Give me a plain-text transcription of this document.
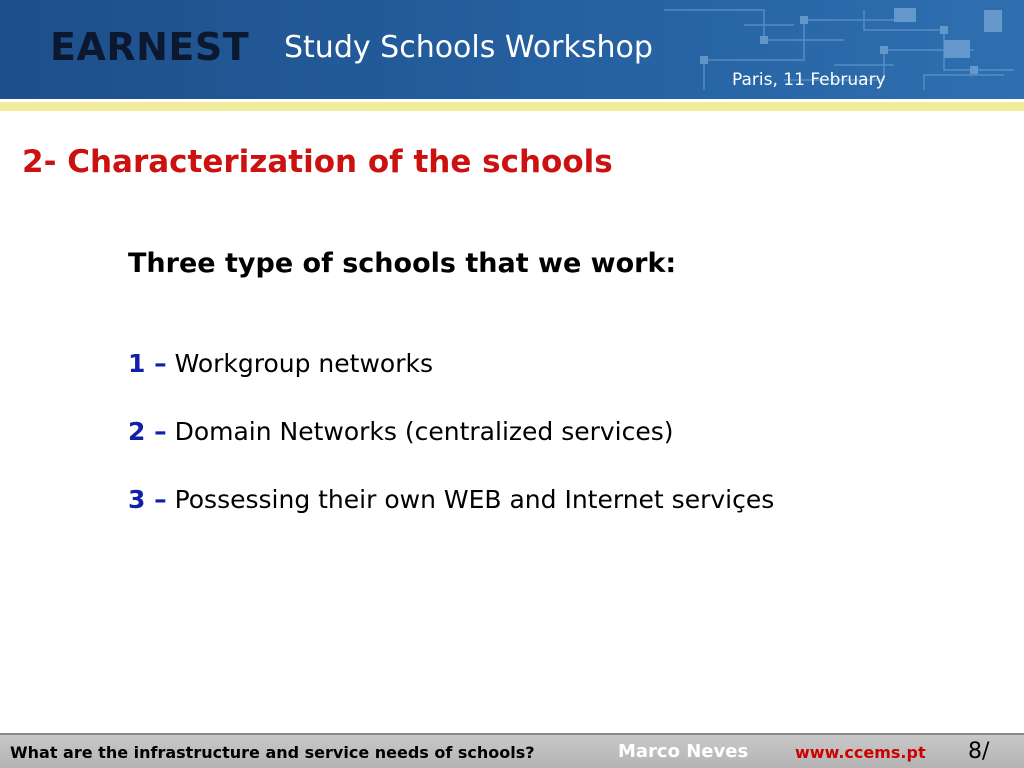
EARNEST Study Schools Workshop
Paris, 11 February
2- Characterization of the schools
Three type of schools that we work:
1 – Workgroup networks
2 – Domain Networks (centralized services)
3 – Possessing their own WEB and Internet serviçes
What are the infrastructure and service needs of schools?	Marco Neves	www.ccems.pt 8/
